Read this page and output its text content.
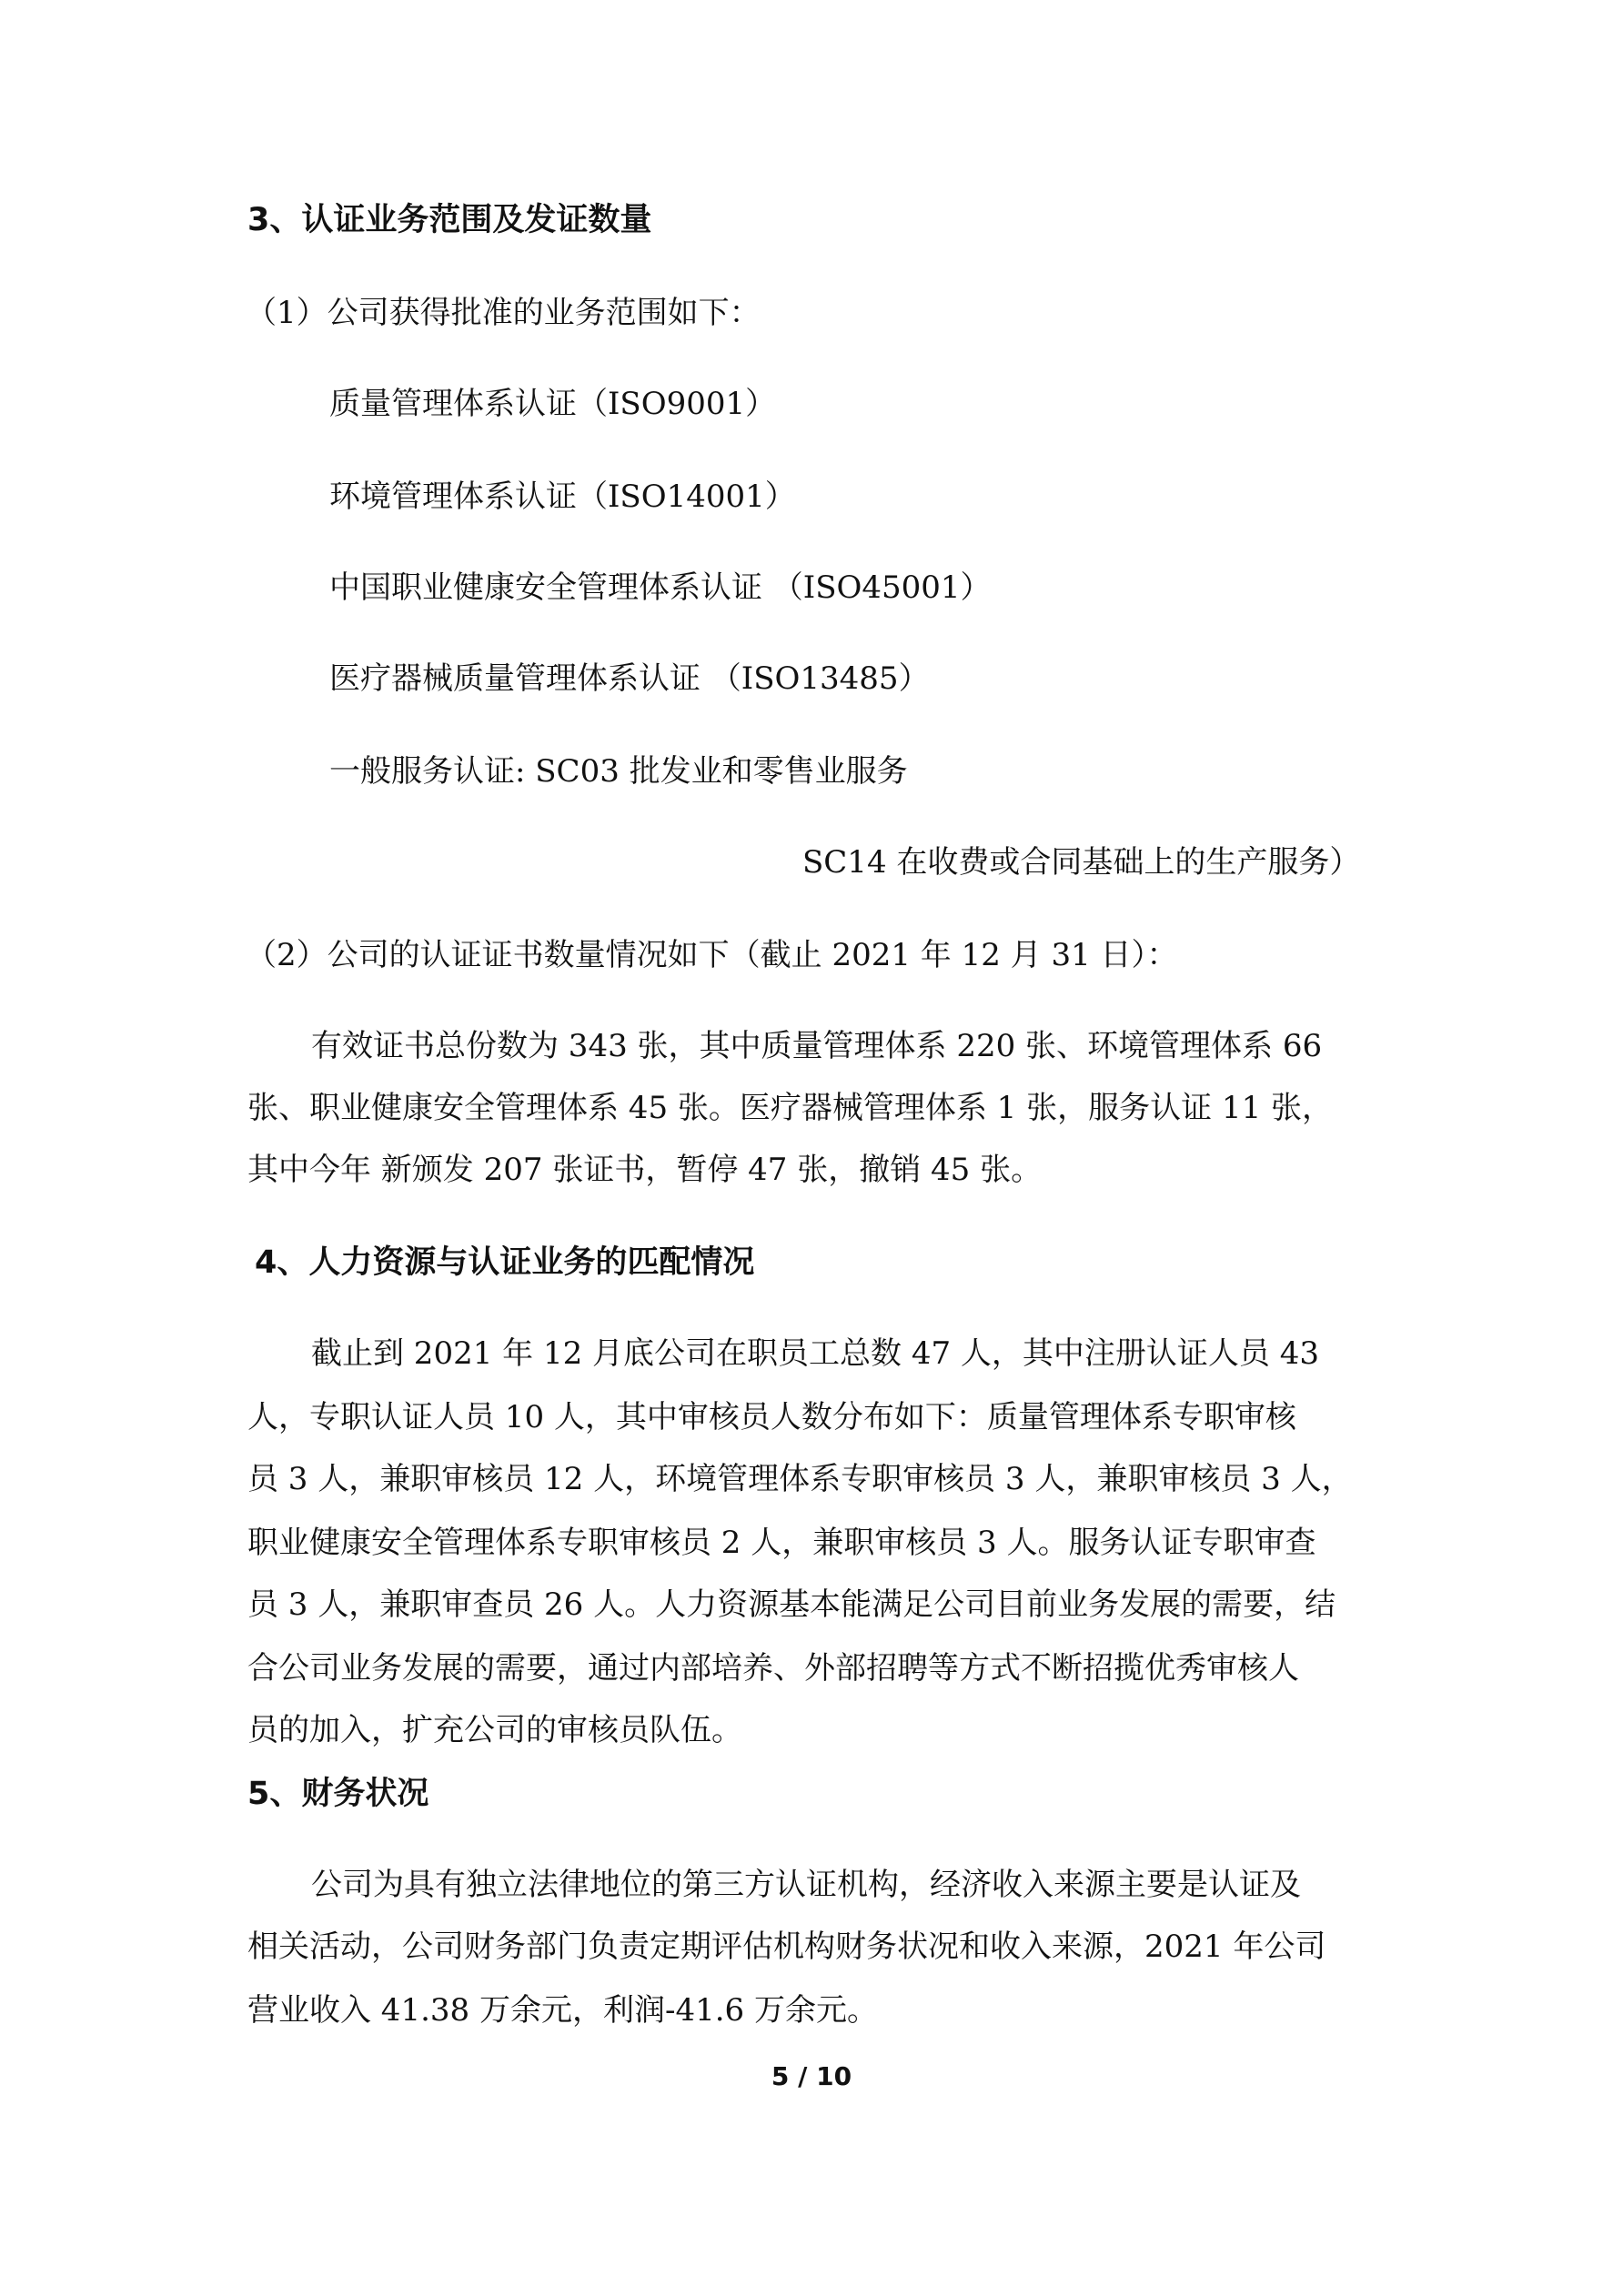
3、认证业务范围及发证数量
（1）公司获得批准的业务范围如下：
质量管理体系认证（ISO9001）
环境管理体系认证（ISO14001）
中国职业健康安全管理体系认证 （ISO45001）
医疗器械质量管理体系认证 （ISO13485）
一般服务认证: SC03 批发业和零售业服务
SC14 在收费或合同基础上的生产服务）
（2）公司的认证证书数量情况如下（截止 2021 年 12 月 31 日）：
有效证书总份数为 343 张，其中质量管理体系 220 张、环境管理体系 66
张、职业健康安全管理体系 45 张。医疗器械管理体系 1 张，服务认证 11 张，
其中今年 新颁发 207 张证书，暂停 47 张，撤销 45 张。
4、人力资源与认证业务的匹配情况
截止到 2021 年 12 月底公司在职员工总数 47 人，其中注册认证人员 43
人，专职认证人员 10 人，其中审核员人数分布如下：质量管理体系专职审核
员 3 人，兼职审核员 12 人，环境管理体系专职审核员 3 人，兼职审核员 3 人，
职业健康安全管理体系专职审核员 2 人，兼职审核员 3 人。服务认证专职审查
员 3 人，兼职审查员 26 人。人力资源基本能满足公司目前业务发展的需要，结
合公司业务发展的需要，通过内部培养、外部招聘等方式不断招揽优秀审核人
员的加入，扩充公司的审核员队伍。
5、财务状况
公司为具有独立法律地位的第三方认证机构，经济收入来源主要是认证及
相关活动，公司财务部门负责定期评估机构财务状况和收入来源，2021 年公司
营业收入 41.38 万余元，利润-41.6 万余元。
5 / 10
